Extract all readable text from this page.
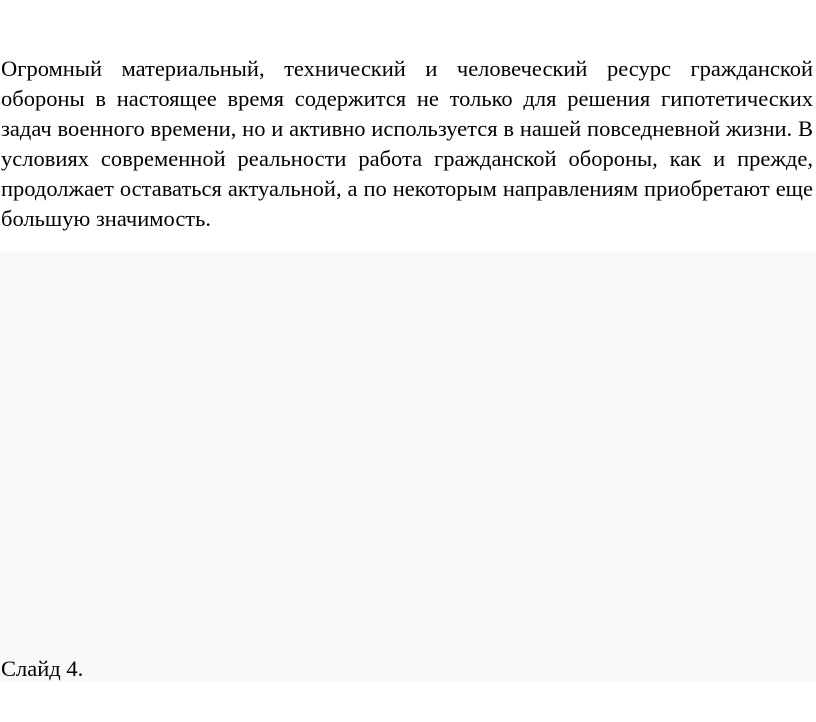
Огромный материальный, технический и человеческий ресурс гражданской обороны в настоящее время содержится не только для решения гипотетических задач военного времени, но и активно используется в нашей повседневной жизни. В условиях современной реальности работа гражданской обороны, как и прежде, продолжает оставаться актуальной, а по некоторым направлениям приобретают еще большую значимость.

Слайд 4.
